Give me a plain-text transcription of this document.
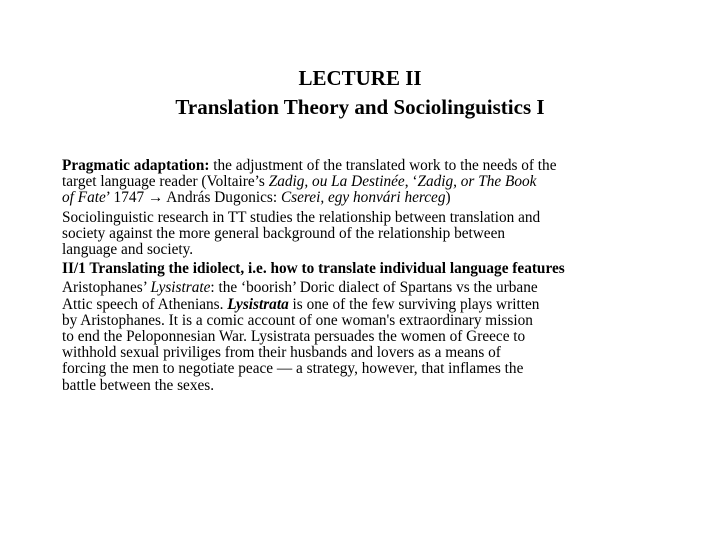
LECTURE II
Translation Theory and Sociolinguistics I

Pragmatic adaptation: the adjustment of the translated work to the needs of the
target language reader (Voltaire’s Zadig, ou La Destinée, ‘Zadig, or The Book
of Fate’ 1747 → András Dugonics: Cserei, egy honvári herceg)

Sociolinguistic research in TT studies the relationship between translation and
society against the more general background of the relationship between
language and society.

II/1 Translating the idiolect, i.e. how to translate individual language features

Aristophanes’ Lysistrate: the ‘boorish’ Doric dialect of Spartans vs the urbane
Attic speech of Athenians. Lysistrata is one of the few surviving plays written
by Aristophanes. It is a comic account of one woman's extraordinary mission
to end the Peloponnesian War. Lysistrata persuades the women of Greece to
withhold sexual priviliges from their husbands and lovers as a means of
forcing the men to negotiate peace — a strategy, however, that inflames the
battle between the sexes.
